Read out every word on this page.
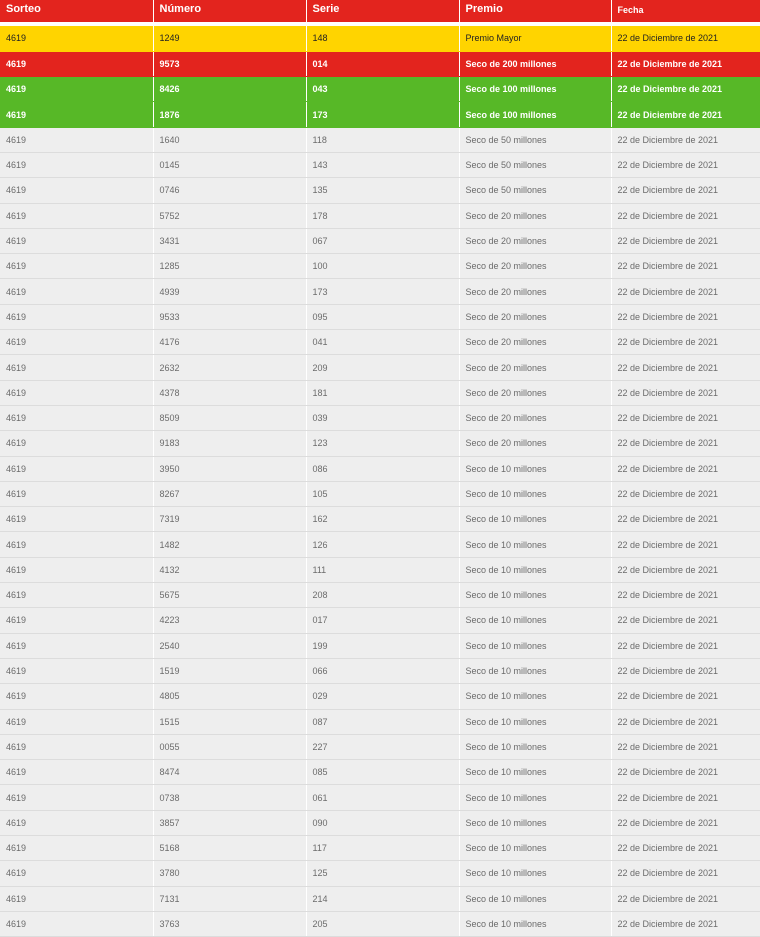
Sorteo	Número	Serie	Premio	Fecha

4619	1249	148	Premio Mayor	22 de Diciembre de 2021
4619	9573	014	Seco de 200 millones	22 de Diciembre de 2021
4619	8426	043	Seco de 100 millones	22 de Diciembre de 2021
4619	1876	173	Seco de 100 millones	22 de Diciembre de 2021
4619	1640	118	Seco de 50 millones	22 de Diciembre de 2021
4619	0145	143	Seco de 50 millones	22 de Diciembre de 2021
4619	0746	135	Seco de 50 millones	22 de Diciembre de 2021
4619	5752	178	Seco de 20 millones	22 de Diciembre de 2021
4619	3431	067	Seco de 20 millones	22 de Diciembre de 2021
4619	1285	100	Seco de 20 millones	22 de Diciembre de 2021
4619	4939	173	Seco de 20 millones	22 de Diciembre de 2021
4619	9533	095	Seco de 20 millones	22 de Diciembre de 2021
4619	4176	041	Seco de 20 millones	22 de Diciembre de 2021
4619	2632	209	Seco de 20 millones	22 de Diciembre de 2021
4619	4378	181	Seco de 20 millones	22 de Diciembre de 2021
4619	8509	039	Seco de 20 millones	22 de Diciembre de 2021
4619	9183	123	Seco de 20 millones	22 de Diciembre de 2021
4619	3950	086	Seco de 10 millones	22 de Diciembre de 2021
4619	8267	105	Seco de 10 millones	22 de Diciembre de 2021
4619	7319	162	Seco de 10 millones	22 de Diciembre de 2021
4619	1482	126	Seco de 10 millones	22 de Diciembre de 2021
4619	4132	111	Seco de 10 millones	22 de Diciembre de 2021
4619	5675	208	Seco de 10 millones	22 de Diciembre de 2021
4619	4223	017	Seco de 10 millones	22 de Diciembre de 2021
4619	2540	199	Seco de 10 millones	22 de Diciembre de 2021
4619	1519	066	Seco de 10 millones	22 de Diciembre de 2021
4619	4805	029	Seco de 10 millones	22 de Diciembre de 2021
4619	1515	087	Seco de 10 millones	22 de Diciembre de 2021
4619	0055	227	Seco de 10 millones	22 de Diciembre de 2021
4619	8474	085	Seco de 10 millones	22 de Diciembre de 2021
4619	0738	061	Seco de 10 millones	22 de Diciembre de 2021
4619	3857	090	Seco de 10 millones	22 de Diciembre de 2021
4619	5168	117	Seco de 10 millones	22 de Diciembre de 2021
4619	3780	125	Seco de 10 millones	22 de Diciembre de 2021
4619	7131	214	Seco de 10 millones	22 de Diciembre de 2021
4619	3763	205	Seco de 10 millones	22 de Diciembre de 2021
